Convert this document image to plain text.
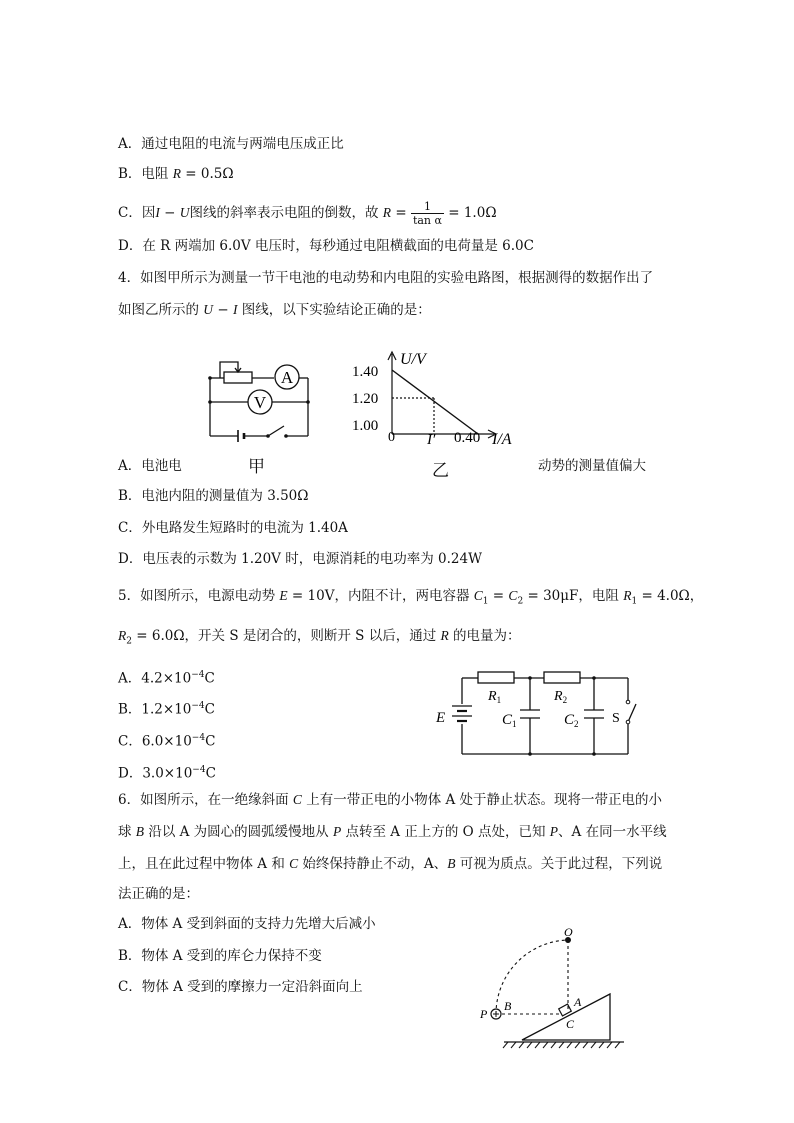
A．通过电阻的电流与两端电压成正比
B．电阻 R = 0.5Ω
C．因I − U图线的斜率表示电阻的倒数，故 $R = \frac{1}{\text{tan α}} = 1.0\Omega$
D．在 R 两端加 6.0V 电压时，每秒通过电阻横截面的电荷量是 6.0C
4．如图甲所示为测量一节干电池的电动势和内电阻的实验电路图，根据测得的数据作出了
如图乙所示的 U − I 图线，以下实验结论正确的是：
A
V
U/V
1.40
1.20
1.00
0 I′ 0.40 I/A
A．电池电	甲	乙	动势的测量值偏大
B．电池内阻的测量值为 3.50Ω
C．外电路发生短路时的电流为 1.40A
D．电压表的示数为 1.20V 时，电源消耗的电功率为 0.24W
5．如图所示，电源电动势 E = 10V，内阻不计，两电容器 $C_1 = C_2 = 30\mu F$，电阻 $R_1 = 4.0\Omega$，
$R_2 = 6.0\Omega$，开关 S 是闭合的，则断开 S 以后，通过 R 的电量为：
A．$4.2\times 10^{-4}C$
B．$1.2\times 10^{-4}C$
C．$6.0\times 10^{-4}C$
D．$3.0\times 10^{-4}C$
E
$R_1$	$R_2$
$C_1$	$C_2$ S
6．如图所示，在一绝缘斜面 C 上有一带正电的小物体 A 处于静止状态。现将一带正电的小
球 B 沿以 A 为圆心的圆弧缓慢地从 P 点转至 A 正上方的 O 点处，已知 P、A 在同一水平线
上，且在此过程中物体 A 和 C 始终保持静止不动，A、B 可视为质点。关于此过程，下列说
法正确的是：
A．物体 A 受到斜面的支持力先增大后减小
B．物体 A 受到的库仑力保持不变
C．物体 A 受到的摩擦力一定沿斜面向上
O
P
B	A
C
